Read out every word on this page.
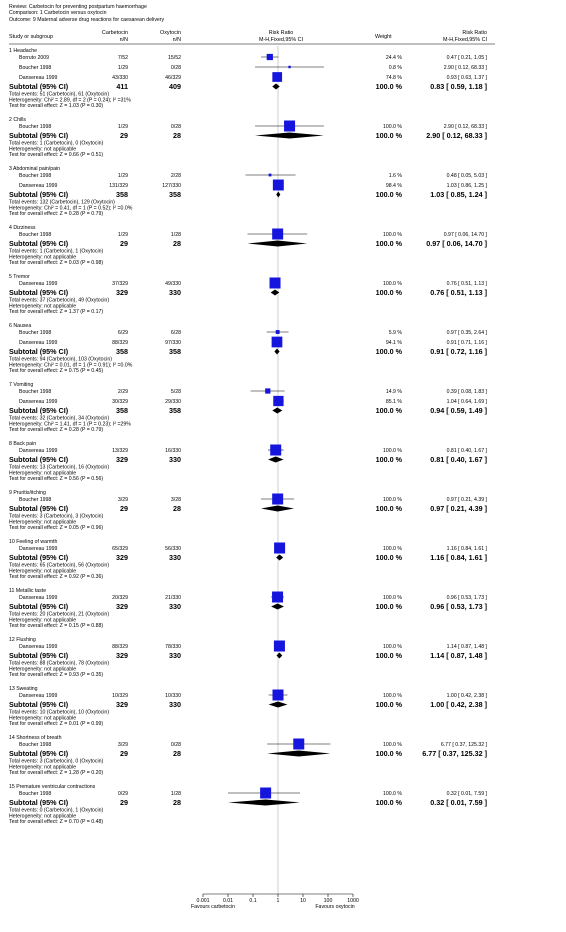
Review: Carbetocin for preventing postpartum haemorrhage
Comparison: 1 Carbetocin versus oxytocin
Outcome: 9 Maternal adverse drug reactions for caesarean delivery
Study or subgroup
Carbetocin
n/N
Oxytocin
n/N
Risk Ratio
M-H,Fixed,95% CI	Weight
Risk Ratio
M-H,Fixed,95% CI
1 Headache
Borruto 2009	7/52	15/52	24.4 %	0.47 [ 0.21, 1.05 ]
Boucher 1998	1/29	0/28	0.8 %	2.90 [ 0.12, 68.33 ]
Dansereau 1999	43/330	46/329	74.8 %	0.93 [ 0.63, 1.37 ]
Subtotal (95% CI)	411	409	100.0 %	0.83 [ 0.59, 1.18 ]
Total events: 51 (Carbetocin), 61 (Oxytocin)
Heterogeneity: Chi² = 2.89, df = 2 (P = 0.24); I² =31%
Test for overall effect: Z = 1.03 (P = 0.30)
2 Chills
Boucher 1998	1/29	0/28	100.0 %	2.90 [ 0.12, 68.33 ]
Subtotal (95% CI)	29	28	100.0 %	2.90 [ 0.12, 68.33 ]
Total events: 1 (Carbetocin), 0 (Oxytocin)
Heterogeneity: not applicable
Test for overall effect: Z = 0.66 (P = 0.51)
3 Abdominal pain/pain
Boucher 1998	1/29	2/28	1.6 %	0.48 [ 0.05, 5.03 ]
Dansereau 1999	131/329	127/330	98.4 %	1.03 [ 0.86, 1.25 ]
Subtotal (95% CI)	358	358	100.0 %	1.03 [ 0.85, 1.24 ]
Total events: 132 (Carbetocin), 129 (Oxytocin)
Heterogeneity: Chi² = 0.41, df = 1 (P = 0.52); I² =0.0%
Test for overall effect: Z = 0.28 (P = 0.79)
4 Dizziness
Boucher 1998	1/29	1/28	100.0 %	0.97 [ 0.06, 14.70 ]
Subtotal (95% CI)	29	28	100.0 %	0.97 [ 0.06, 14.70 ]
Total events: 1 (Carbetocin), 1 (Oxytocin)
Heterogeneity: not applicable
Test for overall effect: Z = 0.03 (P = 0.98)
5 Tremor
Dansereau 1999	37/329	49/330	100.0 %	0.76 [ 0.51, 1.13 ]
Subtotal (95% CI)	329	330	100.0 %	0.76 [ 0.51, 1.13 ]
Total events: 37 (Carbetocin), 49 (Oxytocin)
Heterogeneity: not applicable
Test for overall effect: Z = 1.37 (P = 0.17)
6 Nausea
Boucher 1998	6/29	6/28	5.9 %	0.97 [ 0.35, 2.64 ]
Dansereau 1999	88/329	97/330	94.1 %	0.91 [ 0.71, 1.16 ]
Subtotal (95% CI)	358	358	100.0 %	0.91 [ 0.72, 1.16 ]
Total events: 94 (Carbetocin), 103 (Oxytocin)
Heterogeneity: Chi² = 0.01, df = 1 (P = 0.91); I² =0.0%
Test for overall effect: Z = 0.75 (P = 0.45)
7 Vomiting
Boucher 1998	2/29	5/28	14.9 %	0.39 [ 0.08, 1.83 ]
Dansereau 1999	30/329	29/330	85.1 %	1.04 [ 0.64, 1.69 ]
Subtotal (95% CI)	358	358	100.0 %	0.94 [ 0.59, 1.49 ]
Total events: 32 (Carbetocin), 34 (Oxytocin)
Heterogeneity: Chi² = 1.41, df = 1 (P = 0.23); I² =29%
Test for overall effect: Z = 0.28 (P = 0.79)
8 Back pain
Dansereau 1999	13/329	16/330	100.0 %	0.81 [ 0.40, 1.67 ]
Subtotal (95% CI)	329	330	100.0 %	0.81 [ 0.40, 1.67 ]
Total events: 13 (Carbetocin), 16 (Oxytocin)
Heterogeneity: not applicable
Test for overall effect: Z = 0.56 (P = 0.56)
9 Pruritis/itching
Boucher 1998	3/29	3/28	100.0 %	0.97 [ 0.21, 4.39 ]
Subtotal (95% CI)	29	28	100.0 %	0.97 [ 0.21, 4.39 ]
Total events: 3 (Carbetocin), 3 (Oxytocin)
Heterogeneity: not applicable
Test for overall effect: Z = 0.05 (P = 0.96)
10 Feeling of warmth
Dansereau 1999	65/329	56/330	100.0 %	1.16 [ 0.84, 1.61 ]
Subtotal (95% CI)	329	330	100.0 %	1.16 [ 0.84, 1.61 ]
Total events: 65 (Carbetocin), 56 (Oxytocin)
Heterogeneity: not applicable
Test for overall effect: Z = 0.92 (P = 0.36)
11 Metallic taste
Dansereau 1999	20/329	21/330	100.0 %	0.96 [ 0.53, 1.73 ]
Subtotal (95% CI)	329	330	100.0 %	0.96 [ 0.53, 1.73 ]
Total events: 20 (Carbetocin), 21 (Oxytocin)
Heterogeneity: not applicable
Test for overall effect: Z = 0.15 (P = 0.88)
12 Flushing
Dansereau 1999	88/329	78/330	100.0 %	1.14 [ 0.87, 1.48 ]
Subtotal (95% CI)	329	330	100.0 %	1.14 [ 0.87, 1.48 ]
Total events: 88 (Carbetocin), 78 (Oxytocin)
Heterogeneity: not applicable
Test for overall effect: Z = 0.93 (P = 0.35)
13 Sweating
Dansereau 1999	10/329	10/330	100.0 %	1.00 [ 0.42, 2.38 ]
Subtotal (95% CI)	329	330	100.0 %	1.00 [ 0.42, 2.38 ]
Total events: 10 (Carbetocin), 10 (Oxytocin)
Heterogeneity: not applicable
Test for overall effect: Z = 0.01 (P = 0.99)
14 Shortness of breath
Boucher 1998	3/29	0/28	100.0 %	6.77 [ 0.37, 125.32 ]
Subtotal (95% CI)	29	28	100.0 %	6.77 [ 0.37, 125.32 ]
Total events: 3 (Carbetocin), 0 (Oxytocin)
Heterogeneity: not applicable
Test for overall effect: Z = 1.28 (P = 0.20)
15 Premature ventricular contractions
Boucher 1998	0/29	1/28	100.0 %	0.32 [ 0.01, 7.59 ]
Subtotal (95% CI)	29	28	100.0 %	0.32 [ 0.01, 7.59 ]
Total events: 0 (Carbetocin), 1 (Oxytocin)
Heterogeneity: not applicable
Test for overall effect: Z = 0.70 (P = 0.48)
Favours carbetocin	Favours oxytocin
0.001	0.01	0.1	1	10	100	1000
